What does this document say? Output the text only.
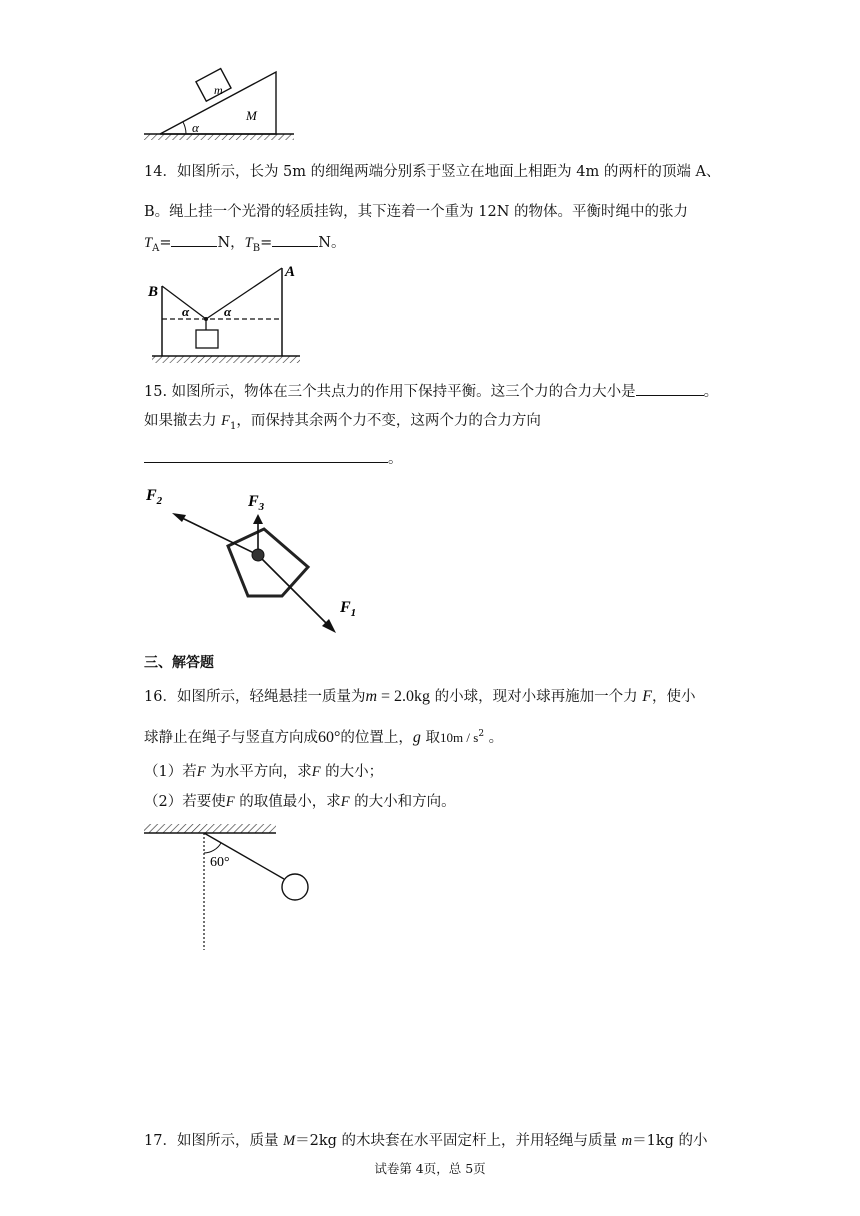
m
M
α
14．如图所示，长为 5m 的细绳两端分别系于竖立在地面上相距为 4m 的两杆的顶端 A、
B。绳上挂一个光滑的轻质挂钩，其下连着一个重为 12N 的物体。平衡时绳中的张力
$T_A=$	N，$T_B=$	N。
B
A
α	α
15. 如图所示，物体在三个共点力的作用下保持平衡。这三个力的合力大小是	。
如果撤去力 $F_1$，而保持其余两个力不变，这两个力的合力方向
。
$F_2$	$F_3$
$F_1$
三、解答题
16．如图所示，轻绳悬挂一质量为m = 2.0kg 的小球，现对小球再施加一个力 F，使小
球静止在绳子与竖直方向成60°的位置上，g 取$10m / s^2$ 。
（1）若F 为水平方向，求F 的大小；
（2）若要使F 的取值最小，求F 的大小和方向。
60°
17．如图所示，质量 M＝2kg 的木块套在水平固定杆上，并用轻绳与质量 m＝1kg 的小
试卷第 4页，总 5页
